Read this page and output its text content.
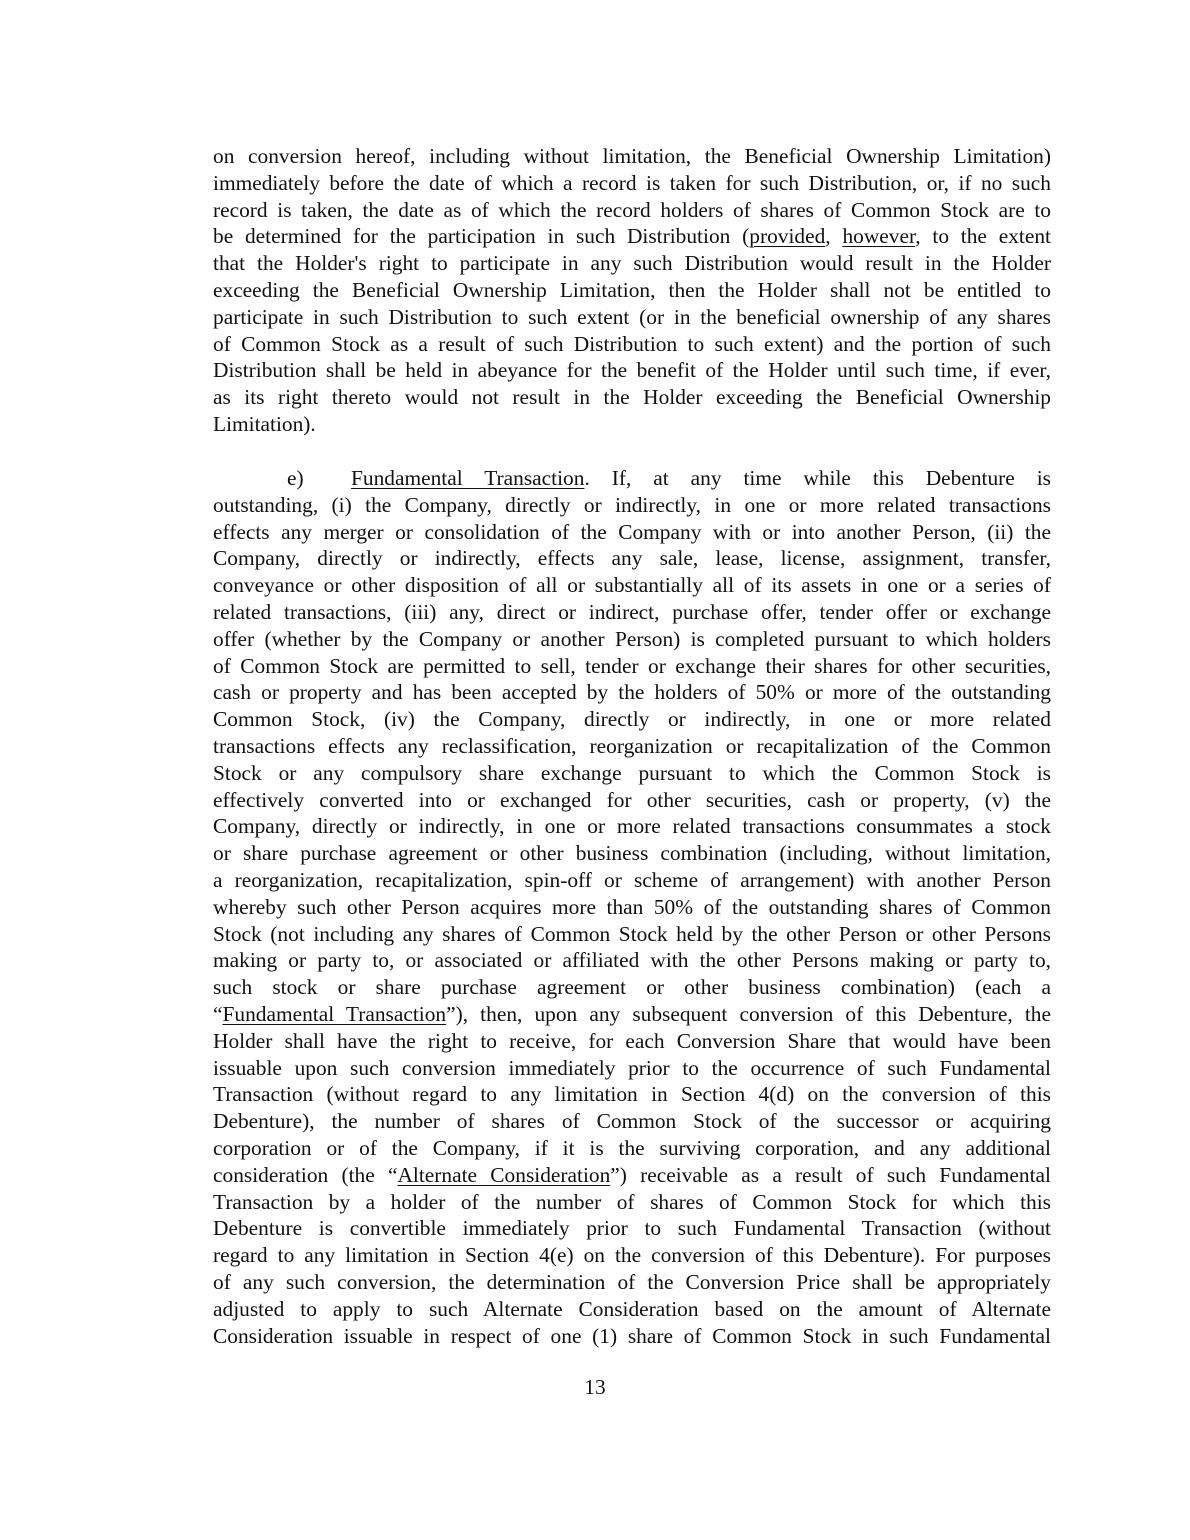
on conversion hereof, including without limitation, the Beneficial Ownership Limitation)
immediately before the date of which a record is taken for such Distribution, or, if no such
record is taken, the date as of which the record holders of shares of Common Stock are to
be determined for the participation in such Distribution (provided, however, to the extent
that the Holder's right to participate in any such Distribution would result in the Holder
exceeding the Beneficial Ownership Limitation, then the Holder shall not be entitled to
participate in such Distribution to such extent (or in the beneficial ownership of any shares
of Common Stock as a result of such Distribution to such extent) and the portion of such
Distribution shall be held in abeyance for the benefit of the Holder until such time, if ever,
as its right thereto would not result in the Holder exceeding the Beneficial Ownership
Limitation).
e) Fundamental Transaction. If, at any time while this Debenture is
outstanding, (i) the Company, directly or indirectly, in one or more related transactions
effects any merger or consolidation of the Company with or into another Person, (ii) the
Company, directly or indirectly, effects any sale, lease, license, assignment, transfer,
conveyance or other disposition of all or substantially all of its assets in one or a series of
related transactions, (iii) any, direct or indirect, purchase offer, tender offer or exchange
offer (whether by the Company or another Person) is completed pursuant to which holders
of Common Stock are permitted to sell, tender or exchange their shares for other securities,
cash or property and has been accepted by the holders of 50% or more of the outstanding
Common Stock, (iv) the Company, directly or indirectly, in one or more related
transactions effects any reclassification, reorganization or recapitalization of the Common
Stock or any compulsory share exchange pursuant to which the Common Stock is
effectively converted into or exchanged for other securities, cash or property, (v) the
Company, directly or indirectly, in one or more related transactions consummates a stock
or share purchase agreement or other business combination (including, without limitation,
a reorganization, recapitalization, spin-off or scheme of arrangement) with another Person
whereby such other Person acquires more than 50% of the outstanding shares of Common
Stock (not including any shares of Common Stock held by the other Person or other Persons
making or party to, or associated or affiliated with the other Persons making or party to,
such stock or share purchase agreement or other business combination) (each a
“Fundamental Transaction”), then, upon any subsequent conversion of this Debenture, the
Holder shall have the right to receive, for each Conversion Share that would have been
issuable upon such conversion immediately prior to the occurrence of such Fundamental
Transaction (without regard to any limitation in Section 4(d) on the conversion of this
Debenture), the number of shares of Common Stock of the successor or acquiring
corporation or of the Company, if it is the surviving corporation, and any additional
consideration (the “Alternate Consideration”) receivable as a result of such Fundamental
Transaction by a holder of the number of shares of Common Stock for which this
Debenture is convertible immediately prior to such Fundamental Transaction (without
regard to any limitation in Section 4(e) on the conversion of this Debenture). For purposes
of any such conversion, the determination of the Conversion Price shall be appropriately
adjusted to apply to such Alternate Consideration based on the amount of Alternate
Consideration issuable in respect of one (1) share of Common Stock in such Fundamental
13
